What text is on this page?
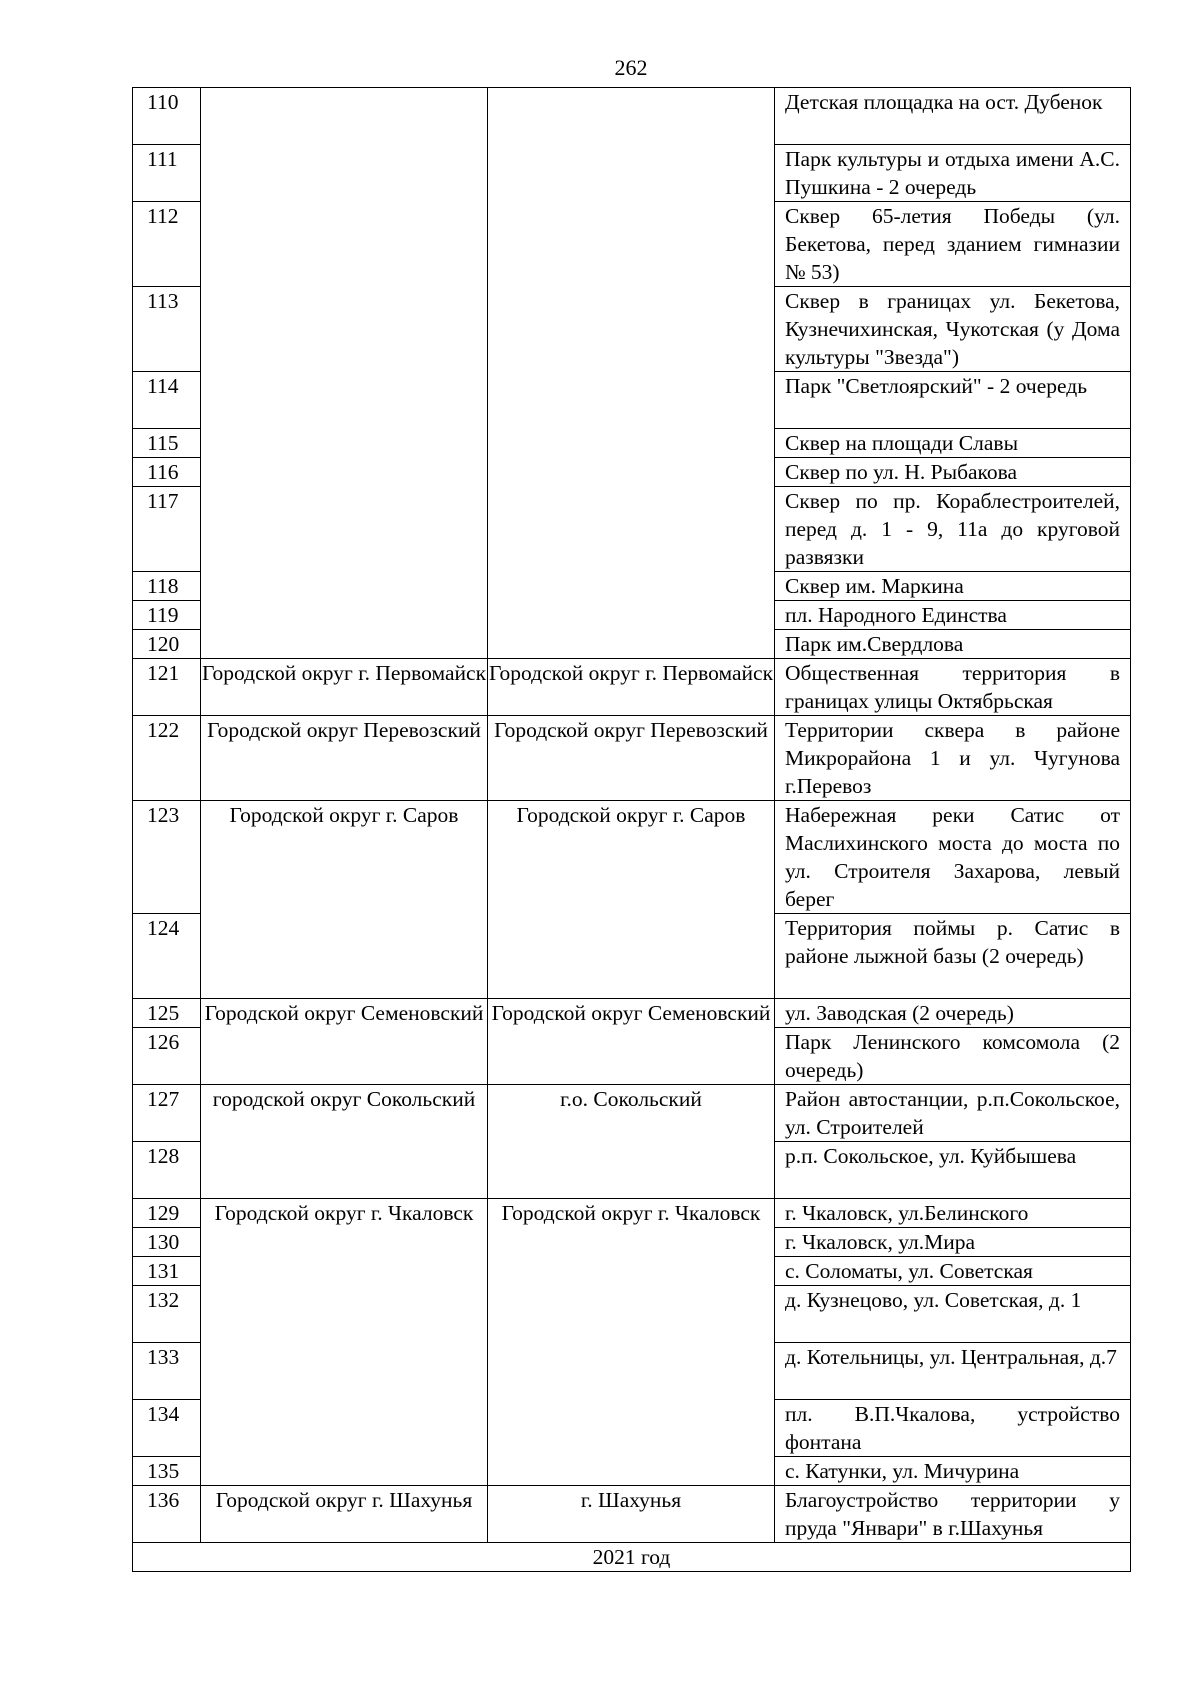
262
110			Детская площадка на ост. Дубенок
111			Парк культуры и отдыха имени А.С. Пушкина - 2 очередь
112			Сквер 65-летия Победы (ул. Бекетова, перед зданием гимназии № 53)
113			Сквер в границах ул. Бекетова, Кузнечихинская, Чукотская (у Дома культуры "Звезда")
114			Парк "Светлоярский" - 2 очередь
115			Сквер на площади Славы
116			Сквер по ул. Н. Рыбакова
117			Сквер по пр. Кораблестроителей, перед д. 1 - 9, 11а до круговой развязки
118			Сквер им. Маркина
119			пл. Народного Единства
120			Парк им.Свердлова
121	Городской округ г. Первомайск	Городской округ г. Первомайск	Общественная территория в границах улицы Октябрьская
122	Городской округ Перевозский	Городской округ Перевозский	Территории сквера в районе Микрорайона 1 и ул. Чугунова г.Перевоз
123	Городской округ г. Саров	Городской округ г. Саров	Набережная реки Сатис от Маслихинского моста до моста по ул. Строителя Захарова, левый берег
124			Территория поймы р. Сатис в районе лыжной базы (2 очередь)
125	Городской округ Семеновский	Городской округ Семеновский	ул. Заводская (2 очередь)
126			Парк Ленинского комсомола (2 очередь)
127	городской округ Сокольский	г.о. Сокольский	Район автостанции, р.п.Сокольское, ул. Строителей
128			р.п. Сокольское, ул. Куйбышева
129	Городской округ г. Чкаловск	Городской округ г. Чкаловск	г. Чкаловск, ул.Белинского
130			г. Чкаловск, ул.Мира
131			с. Соломаты, ул. Советская
132			д. Кузнецово, ул. Советская, д. 1
133			д. Котельницы, ул. Центральная, д.7
134			пл. В.П.Чкалова, устройство фонтана
135			с. Катунки, ул. Мичурина
136	Городской округ г. Шахунья	г. Шахунья	Благоустройство территории у пруда "Январи" в г.Шахунья
2021 год			
